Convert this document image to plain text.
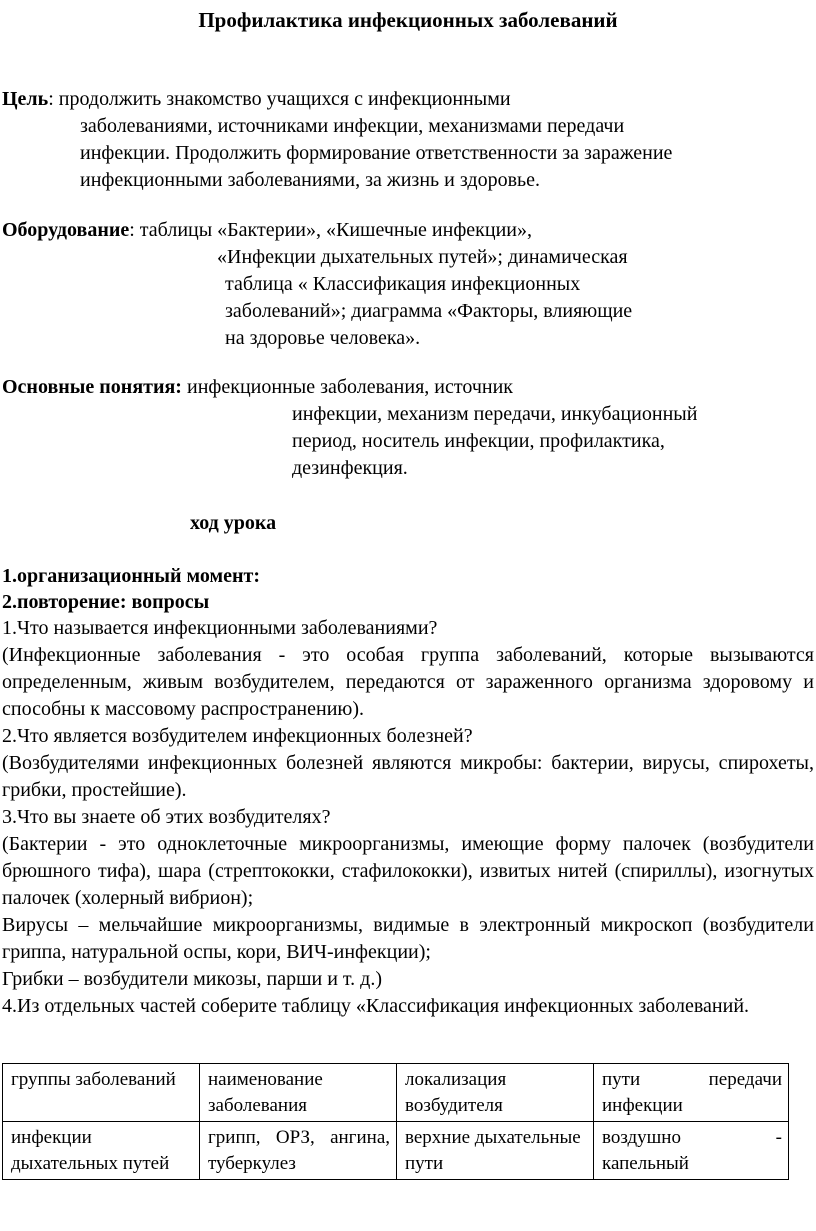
Профилактика инфекционных заболеваний
Цель: продолжить знакомство учащихся с инфекционными
заболеваниями, источниками инфекции, механизмами передачи
инфекции. Продолжить формирование ответственности за заражение
инфекционными заболеваниями, за жизнь и здоровье.
Оборудование: таблицы «Бактерии», «Кишечные инфекции»,
«Инфекции дыхательных путей»; динамическая
таблица « Классификация инфекционных
заболеваний»; диаграмма «Факторы, влияющие
на здоровье человека».
Основные понятия: инфекционные заболевания, источник
инфекции, механизм передачи, инкубационный
период, носитель инфекции, профилактика,
дезинфекция.
ход урока
1.организационный момент:
2.повторение: вопросы
1.Что называется инфекционными заболеваниями?
(Инфекционные заболевания - это особая группа заболеваний, которые вызываются определенным, живым возбудителем, передаются от зараженного организма здоровому и способны к массовому распространению).
2.Что является возбудителем инфекционных болезней?
(Возбудителями инфекционных болезней являются микробы: бактерии, вирусы, спирохеты, грибки, простейшие).
3.Что вы знаете об этих возбудителях?
(Бактерии - это одноклеточные микроорганизмы, имеющие форму палочек (возбудители брюшного тифа), шара (стрептококки, стафилококки), извитых нитей (спириллы), изогнутых палочек (холерный вибрион);
Вирусы – мельчайшие микроорганизмы, видимые в электронный микроскоп (возбудители гриппа, натуральной оспы, кори, ВИЧ-инфекции);
Грибки – возбудители микозы, парши и т. д.)
4.Из отдельных частей соберите таблицу «Классификация инфекционных заболеваний.
группы заболеваний	наименование заболевания	локализация возбудителя	пути передачи инфекции
инфекции дыхательных путей	грипп, ОРЗ, ангина, туберкулез	верхние дыхательные пути	воздушно - капельный
